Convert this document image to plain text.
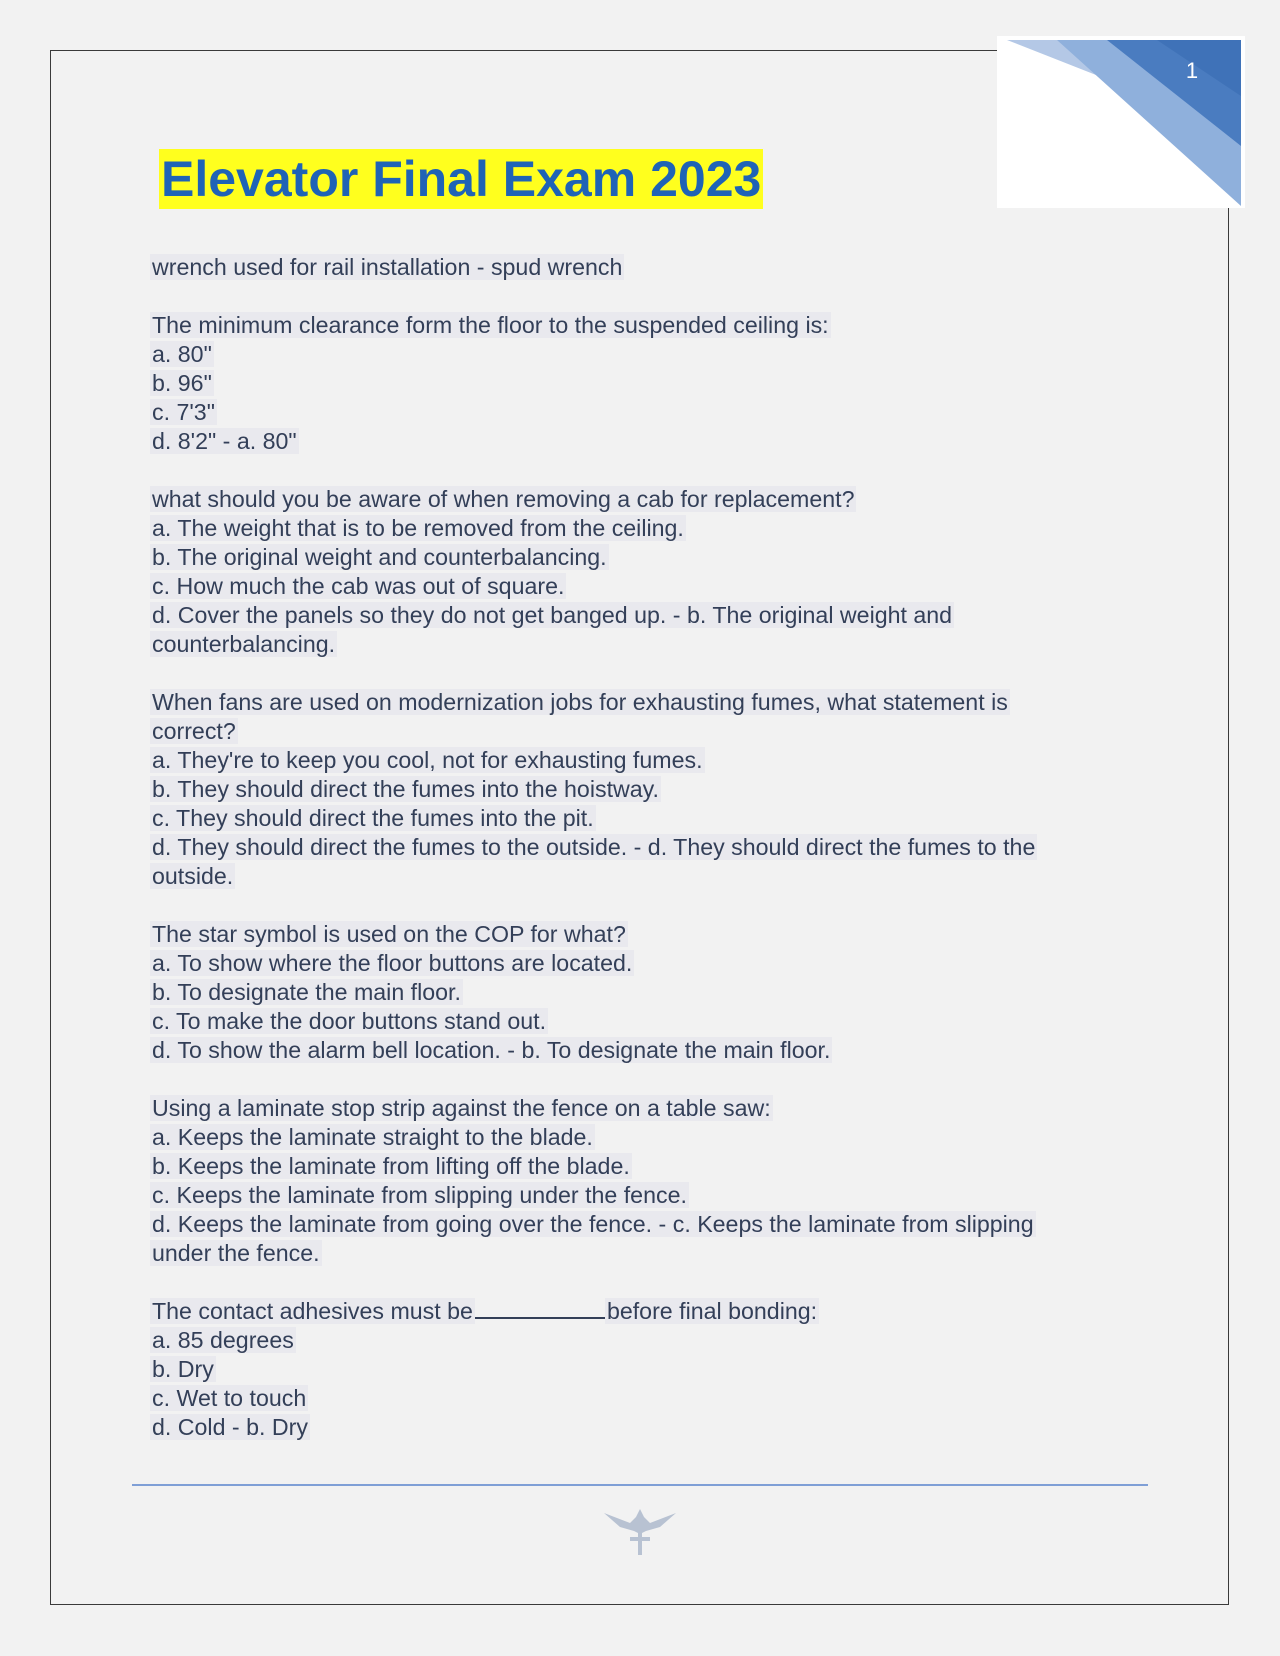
1
Elevator Final Exam 2023
wrench used for rail installation - spud wrench
The minimum clearance form the floor to the suspended ceiling is:
a. 80"
b. 96"
c. 7'3"
d. 8'2" - a. 80"
what should you be aware of when removing a cab for replacement?
a. The weight that is to be removed from the ceiling.
b. The original weight and counterbalancing.
c. How much the cab was out of square.
d. Cover the panels so they do not get banged up. - b. The original weight and
counterbalancing.
When fans are used on modernization jobs for exhausting fumes, what statement is
correct?
a. They're to keep you cool, not for exhausting fumes.
b. They should direct the fumes into the hoistway.
c. They should direct the fumes into the pit.
d. They should direct the fumes to the outside. - d. They should direct the fumes to the
outside.
The star symbol is used on the COP for what?
a. To show where the floor buttons are located.
b. To designate the main floor.
c. To make the door buttons stand out.
d. To show the alarm bell location. - b. To designate the main floor.
Using a laminate stop strip against the fence on a table saw:
a. Keeps the laminate straight to the blade.
b. Keeps the laminate from lifting off the blade.
c. Keeps the laminate from slipping under the fence.
d. Keeps the laminate from going over the fence. - c. Keeps the laminate from slipping
under the fence.
The contact adhesives must be	before final bonding:
a. 85 degrees
b. Dry
c. Wet to touch
d. Cold - b. Dry
